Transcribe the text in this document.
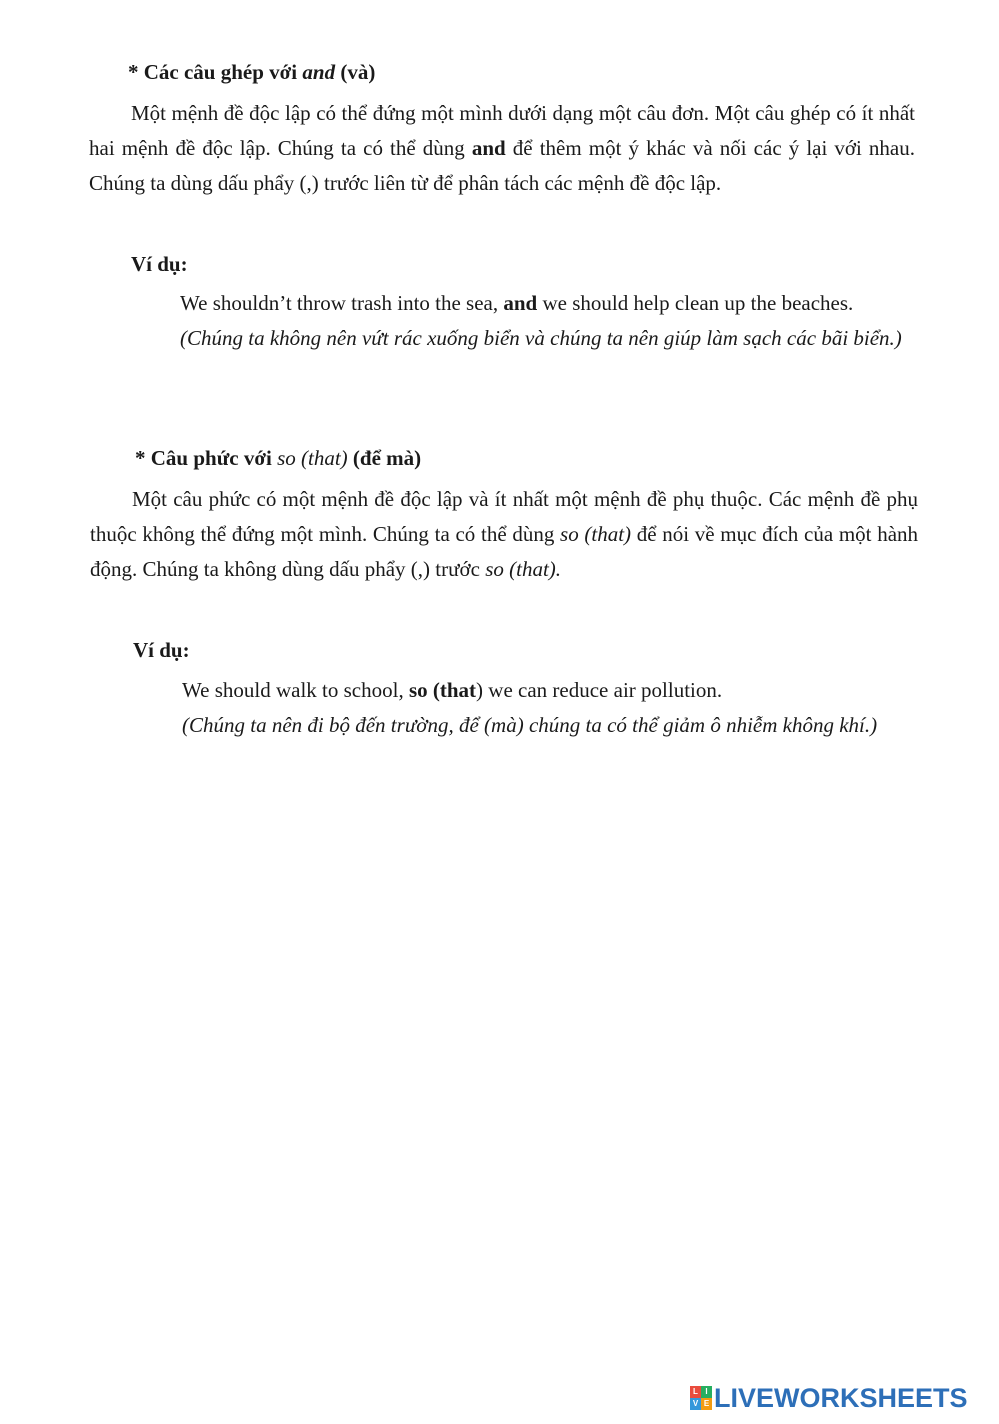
* Các câu ghép với and (và)
Một mệnh đề độc lập có thể đứng một mình dưới dạng một câu đơn. Một câu ghép có ít nhất hai mệnh đề độc lập. Chúng ta có thể dùng and để thêm một ý khác và nối các ý lại với nhau. Chúng ta dùng dấu phẩy (,) trước liên từ để phân tách các mệnh đề độc lập.
Ví dụ:
We shouldn’t throw trash into the sea, and we should help clean up the beaches.
(Chúng ta không nên vứt rác xuống biển và chúng ta nên giúp làm sạch các bãi biển.)
* Câu phức với so (that) (để mà)
Một câu phức có một mệnh đề độc lập và ít nhất một mệnh đề phụ thuộc. Các mệnh đề phụ thuộc không thể đứng một mình. Chúng ta có thể dùng so (that) để nói về mục đích của một hành động. Chúng ta không dùng dấu phẩy (,) trước so (that).
Ví dụ:
We should walk to school, so (that) we can reduce air pollution.
(Chúng ta nên đi bộ đến trường, để (mà) chúng ta có thể giảm ô nhiễm không khí.)
L I
V E LIVEWORKSHEETS
